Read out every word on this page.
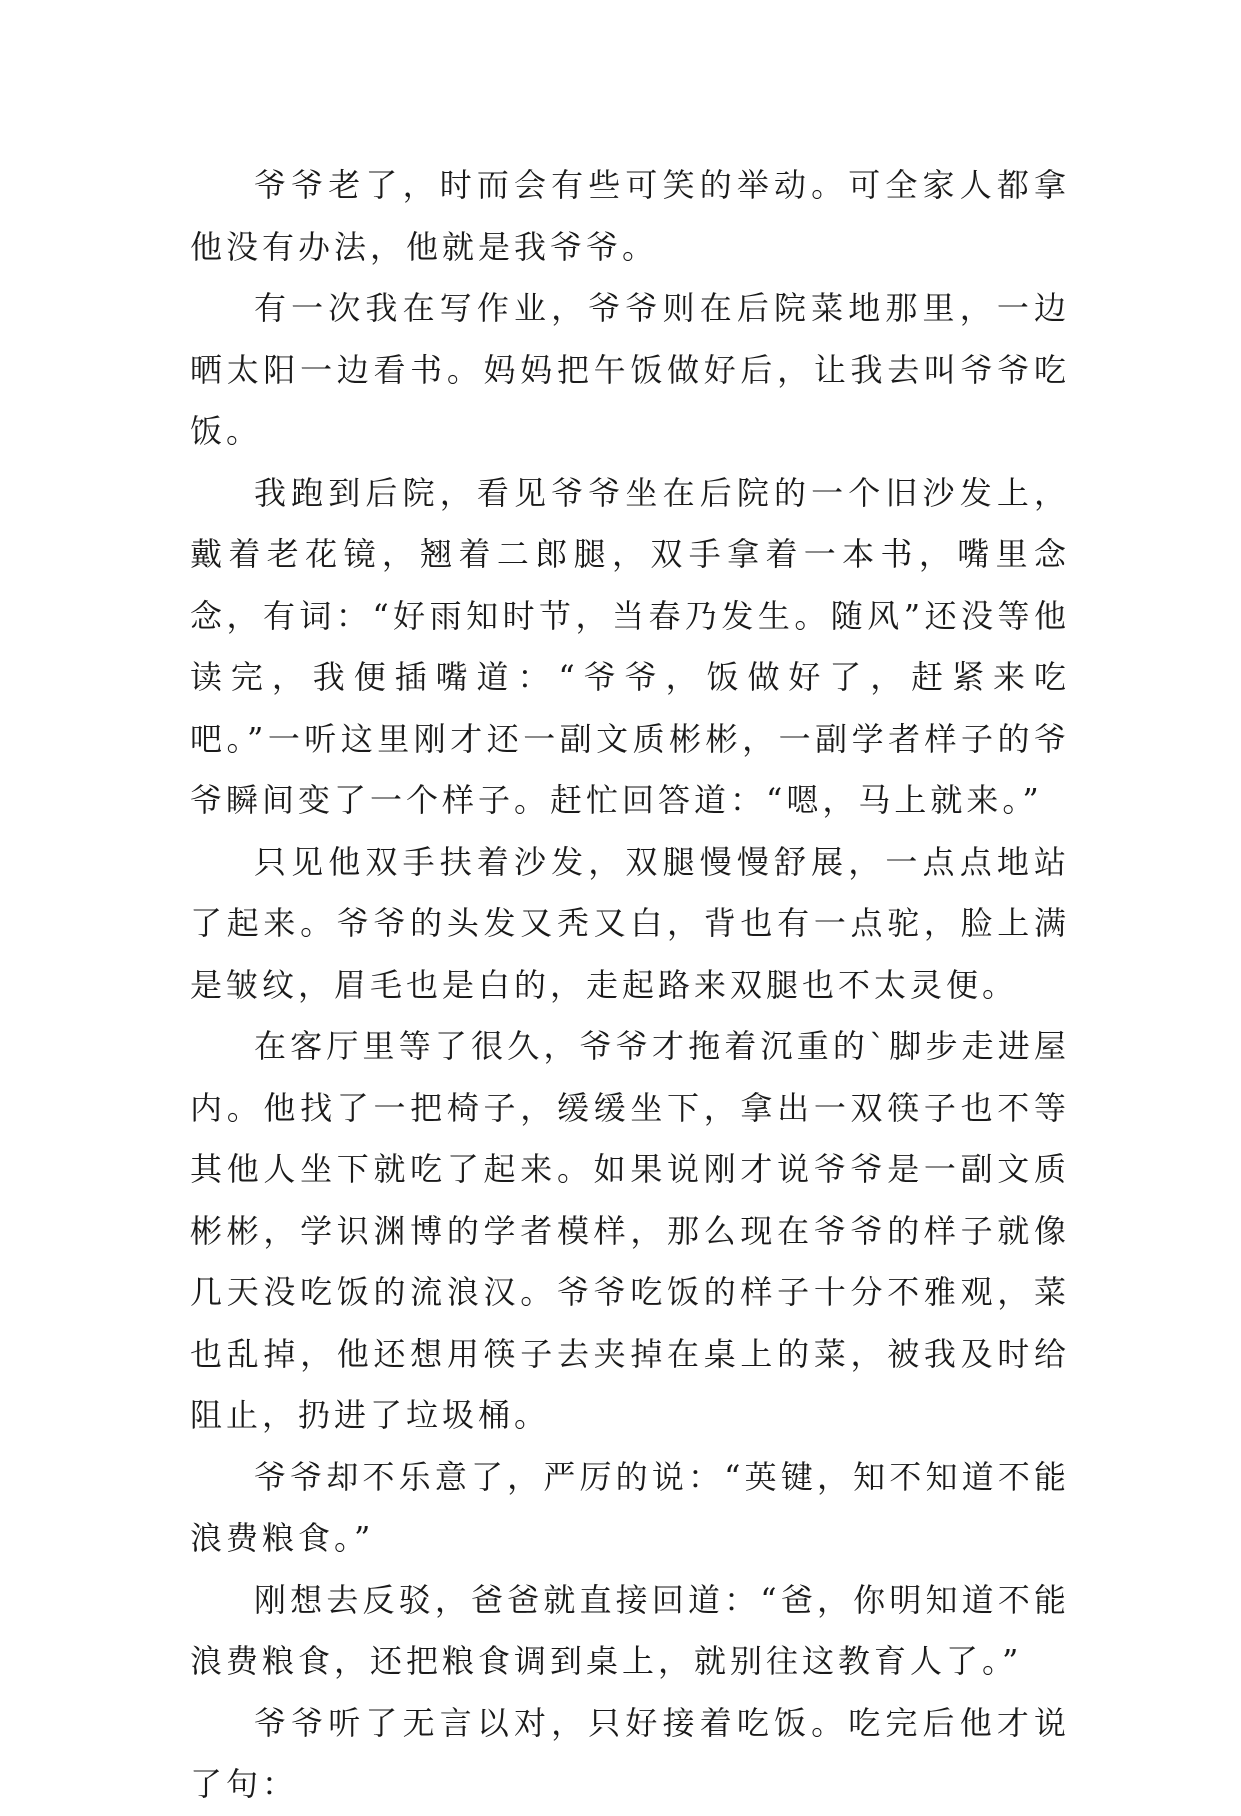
爷爷老了，时而会有些可笑的举动。可全家人都拿他没有办法，他就是我爷爷。

有一次我在写作业，爷爷则在后院菜地那里，一边晒太阳一边看书。妈妈把午饭做好后，让我去叫爷爷吃饭。

我跑到后院，看见爷爷坐在后院的一个旧沙发上，戴着老花镜，翘着二郎腿，双手拿着一本书，嘴里念念，有词：“好雨知时节，当春乃发生。随风”还没等他读完，我便插嘴道：“爷爷，饭做好了，赶紧来吃吧。”一听这里刚才还一副文质彬彬，一副学者样子的爷爷瞬间变了一个样子。赶忙回答道：“嗯，马上就来。”

只见他双手扶着沙发，双腿慢慢舒展，一点点地站了起来。爷爷的头发又秃又白，背也有一点驼，脸上满是皱纹，眉毛也是白的，走起路来双腿也不太灵便。

在客厅里等了很久，爷爷才拖着沉重的`脚步走进屋内。他找了一把椅子，缓缓坐下，拿出一双筷子也不等其他人坐下就吃了起来。如果说刚才说爷爷是一副文质彬彬，学识渊博的学者模样，那么现在爷爷的样子就像几天没吃饭的流浪汉。爷爷吃饭的样子十分不雅观，菜也乱掉，他还想用筷子去夹掉在桌上的菜，被我及时给阻止，扔进了垃圾桶。

爷爷却不乐意了，严厉的说：“英键，知不知道不能浪费粮食。”

刚想去反驳，爸爸就直接回道：“爸，你明知道不能浪费粮食，还把粮食调到桌上，就别往这教育人了。”

爷爷听了无言以对，只好接着吃饭。吃完后他才说了句：
